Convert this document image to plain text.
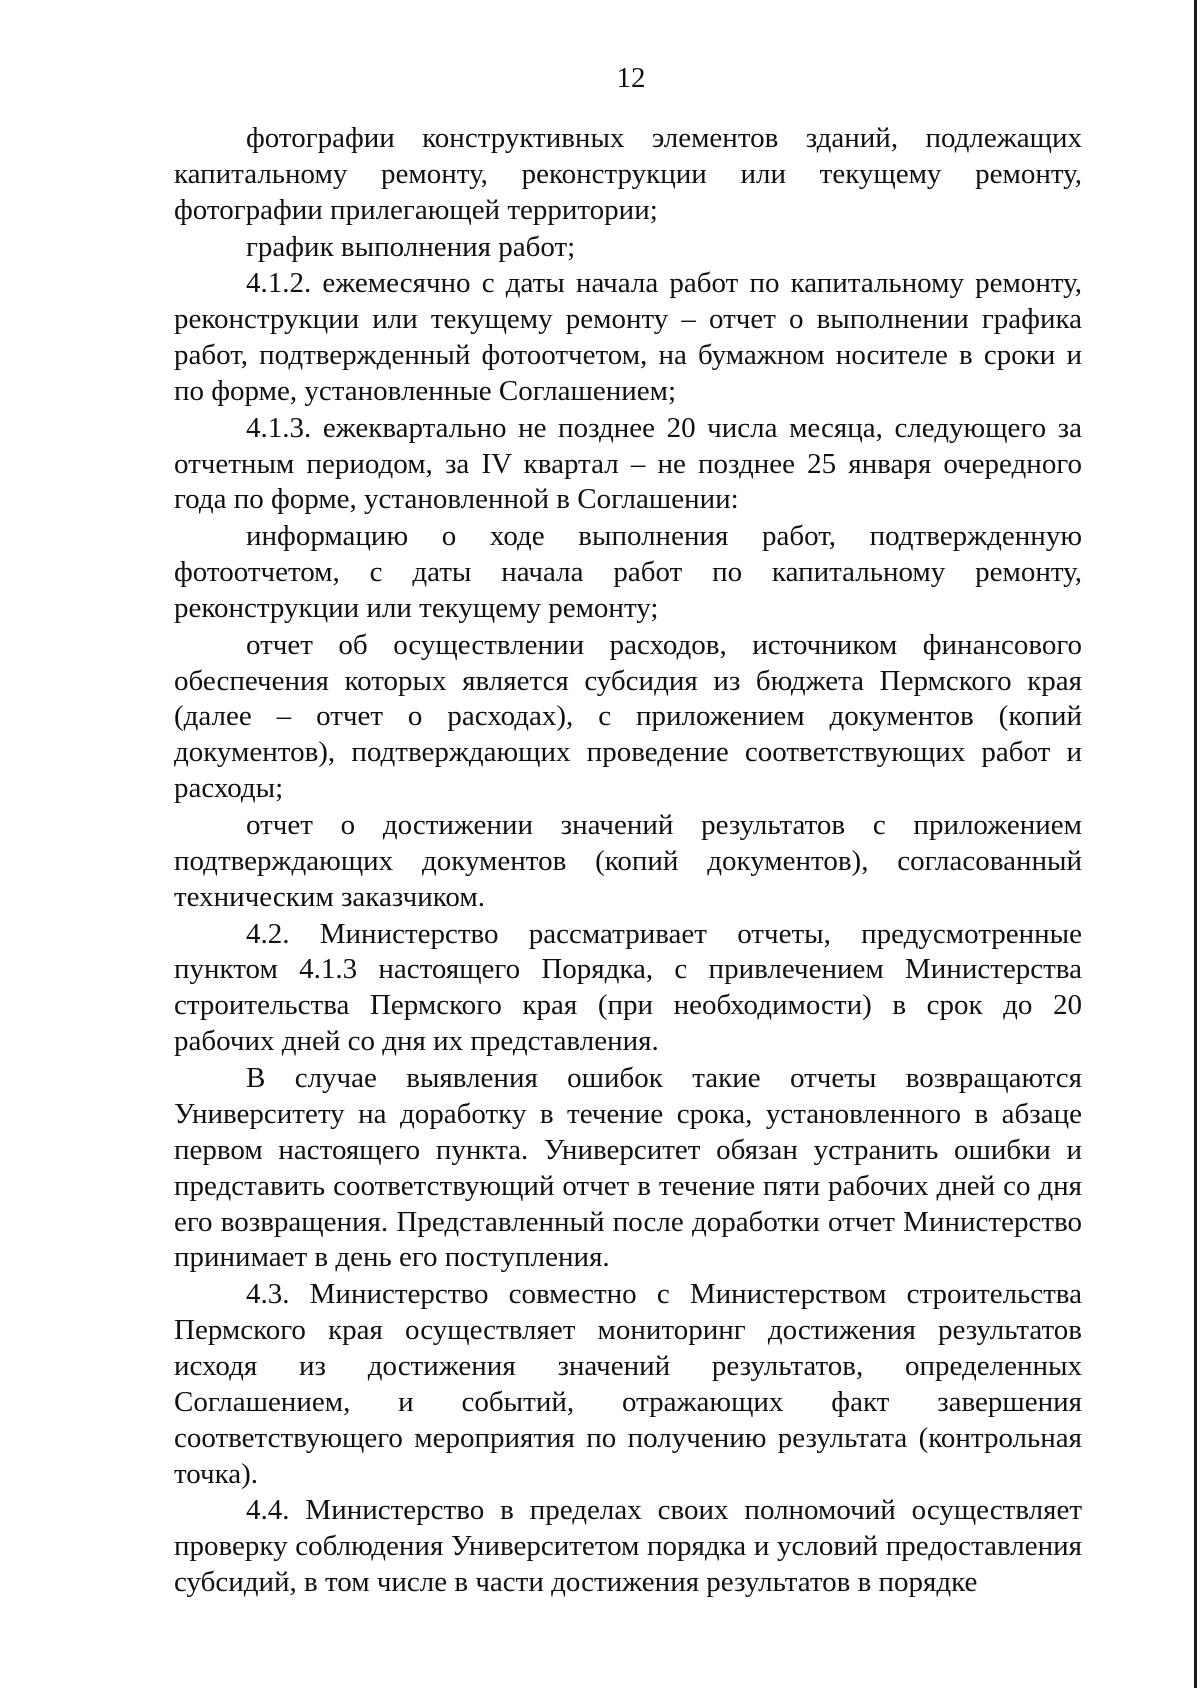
12

фотографии конструктивных элементов зданий, подлежащих капитальному ремонту, реконструкции или текущему ремонту, фотографии прилегающей территории;

график выполнения работ;

4.1.2. ежемесячно с даты начала работ по капитальному ремонту, реконструкции или текущему ремонту – отчет о выполнении графика работ, подтвержденный фотоотчетом, на бумажном носителе в сроки и по форме, установленные Соглашением;

4.1.3. ежеквартально не позднее 20 числа месяца, следующего за отчетным периодом, за IV квартал – не позднее 25 января очередного года по форме, установленной в Соглашении:

информацию о ходе выполнения работ, подтвержденную фотоотчетом, с даты начала работ по капитальному ремонту, реконструкции или текущему ремонту;

отчет об осуществлении расходов, источником финансового обеспечения которых является субсидия из бюджета Пермского края (далее – отчет о расходах), с приложением документов (копий документов), подтверждающих проведение соответствующих работ и расходы;

отчет о достижении значений результатов с приложением подтверждающих документов (копий документов), согласованный техническим заказчиком.

4.2. Министерство рассматривает отчеты, предусмотренные пунктом 4.1.3 настоящего Порядка, с привлечением Министерства строительства Пермского края (при необходимости) в срок до 20 рабочих дней со дня их представления.

В случае выявления ошибок такие отчеты возвращаются Университету на доработку в течение срока, установленного в абзаце первом настоящего пункта. Университет обязан устранить ошибки и представить соответствующий отчет в течение пяти рабочих дней со дня его возвращения. Представленный после доработки отчет Министерство принимает в день его поступления.

4.3. Министерство совместно с Министерством строительства Пермского края осуществляет мониторинг достижения результатов исходя из достижения значений результатов, определенных Соглашением, и событий, отражающих факт завершения соответствующего мероприятия по получению результата (контрольная точка).

4.4. Министерство в пределах своих полномочий осуществляет проверку соблюдения Университетом порядка и условий предоставления субсидий, в том числе в части достижения результатов в порядке
